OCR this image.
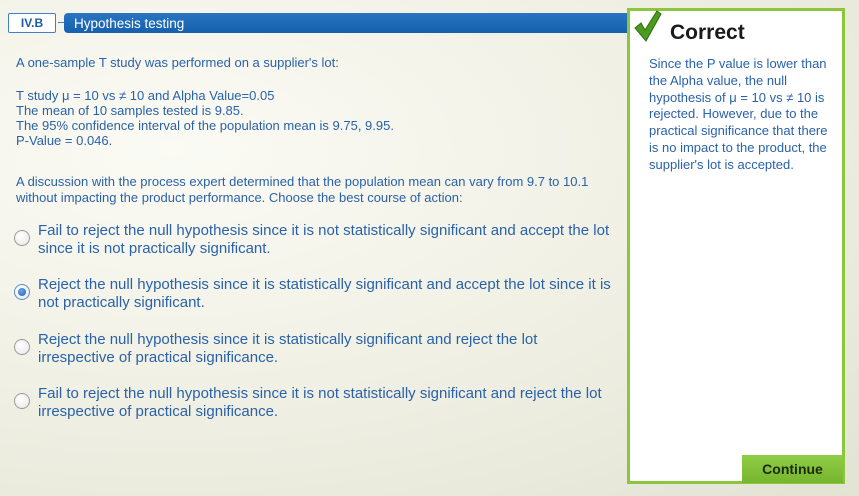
IV.B	Hypothesis testing
A one-sample T study was performed on a supplier's lot:
T study μ = 10 vs ≠ 10 and Alpha Value=0.05
The mean of 10 samples tested is 9.85.
The 95% confidence interval of the population mean is 9.75, 9.95.
P-Value = 0.046.
A discussion with the process expert determined that the population mean can vary from 9.7 to 10.1 without impacting the product performance. Choose the best course of action:
Fail to reject the null hypothesis since it is not statistically significant and accept the lot since it is not practically significant.
Reject the null hypothesis since it is statistically significant and accept the lot since it is not practically significant.
Reject the null hypothesis since it is statistically significant and reject the lot irrespective of practical significance.
Fail to reject the null hypothesis since it is not statistically significant and reject the lot irrespective of practical significance.
Correct
Since the P value is lower than the Alpha value, the null hypothesis of μ = 10 vs ≠ 10 is rejected. However, due to the practical significance that there is no impact to the product, the supplier's lot is accepted.
Continue
